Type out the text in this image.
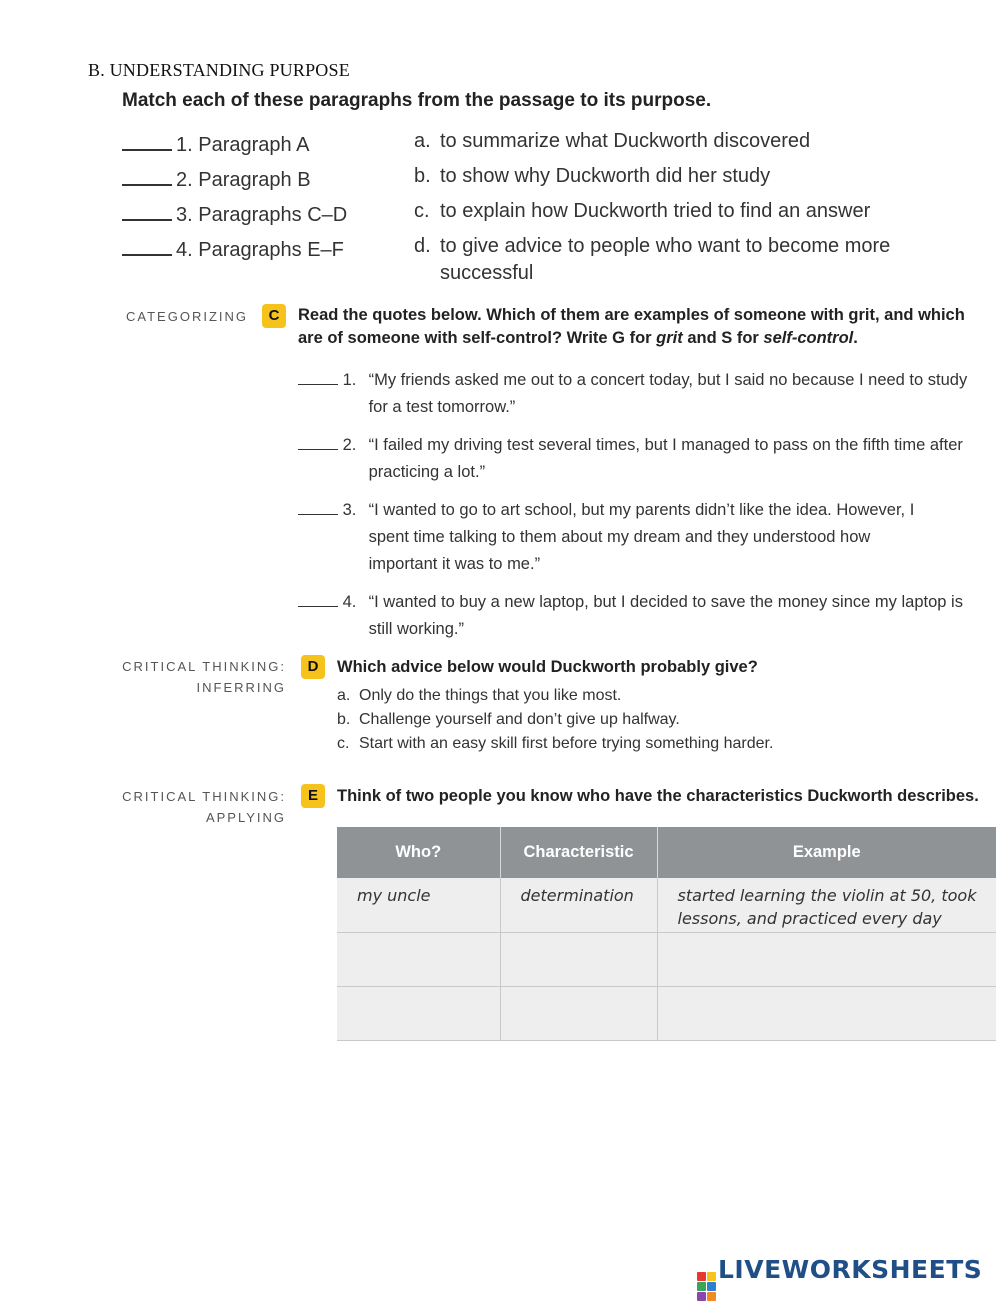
B. UNDERSTANDING PURPOSE
Match each of these paragraphs from the passage to its purpose.
1. Paragraph A
2. Paragraph B
3. Paragraphs C–D
4. Paragraphs E–F
a. to summarize what Duckworth discovered
b. to show why Duckworth did her study
c. to explain how Duckworth tried to find an answer
d. to give advice to people who want to become more successful
CATEGORIZING	C	Read the quotes below. Which of them are examples of someone with grit, and which are of someone with self-control? Write G for grit and S for self-control.
1. “My friends asked me out to a concert today, but I said no because I need to study for a test tomorrow.”
2. “I failed my driving test several times, but I managed to pass on the fifth time after practicing a lot.”
3. “I wanted to go to art school, but my parents didn’t like the idea. However, I spent time talking to them about my dream and they understood how important it was to me.”
4. “I wanted to buy a new laptop, but I decided to save the money since my laptop is still working.”
CRITICAL THINKING:
INFERRING
D	Which advice below would Duckworth probably give?
a. Only do the things that you like most.
b. Challenge yourself and don’t give up halfway.
c. Start with an easy skill first before trying something harder.
CRITICAL THINKING:
APPLYING
E	Think of two people you know who have the characteristics Duckworth describes.
Who?	Characteristic	Example
my uncle	determination	started learning the violin at 50, took lessons, and practiced every day

LIVEWORKSHEETS
